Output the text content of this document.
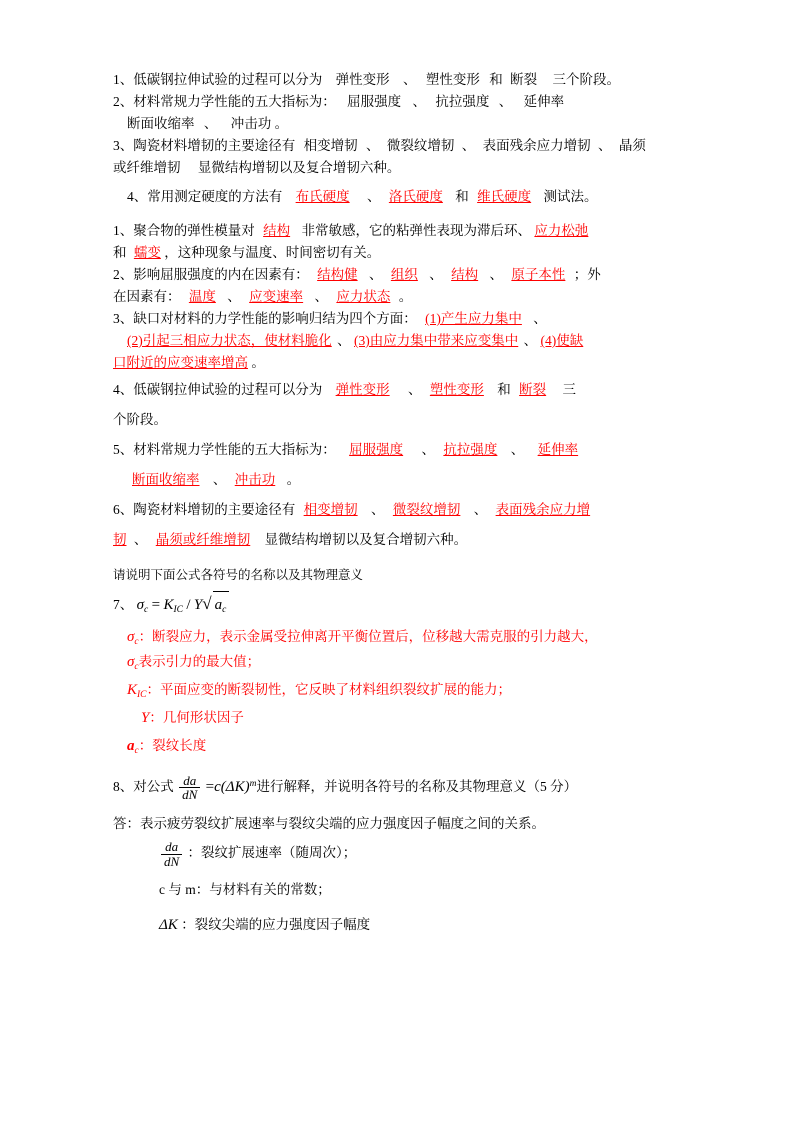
1、低碳钢拉伸试验的过程可以分为 弹性变形 、 塑性变形 和 断裂 三个阶段。
2、材料常规力学性能的五大指标为： 屈服强度 、 抗拉强度 、 延伸率
断面收缩率 、 冲击功 。
3、陶瓷材料增韧的主要途径有 相变增韧 、 微裂纹增韧 、 表面残余应力增韧 、 晶须
或纤维增韧 显微结构增韧以及复合增韧六种。
4、常用测定硬度的方法有 布氏硬度 、 洛氏硬度 和 维氏硬度 测试法。
1、聚合物的弹性模量对 结构 非常敏感，它的粘弹性表现为滞后环、 应力松弛
和 蠕变 ，这种现象与温度、时间密切有关。
2、影响屈服强度的内在因素有： 结构健 、 组织 、 结构 、 原子本性 ；外
在因素有： 温度 、 应变速率 、 应力状态 。
3、缺口对材料的力学性能的影响归结为四个方面： (1)产生应力集中 、
(2)引起三相应力状态，使材料脆化 、 (3)由应力集中带来应变集中 、 (4)使缺
口附近的应变速率增高 。
4、低碳钢拉伸试验的过程可以分为 弹性变形 、 塑性变形 和 断裂 三
个阶段。
5、材料常规力学性能的五大指标为： 屈服强度 、 抗拉强度 、 延伸率
断面收缩率 、 冲击功 。
6、陶瓷材料增韧的主要途径有 相变增韧 、 微裂纹增韧 、 表面残余应力增
韧 、 晶须或纤维增韧 显微结构增韧以及复合增韧六种。
请说明下面公式各符号的名称以及其物理意义
7、 $\sigma_c = K_{IC} / Y√$ $a_c$
$\sigma_c$：断裂应力，表示金属受拉伸离开平衡位置后，位移越大需克服的引力越大，
$\sigma_c$表示引力的最大值；
$K_{IC}$：平面应变的断裂韧性，它反映了材料组织裂纹扩展的能力；
Y：几何形状因子
$a_c$：裂纹长度
8、对公式 $\frac{da}{dN} =c(\Delta K)^m$进行解释，并说明各符号的名称及其物理意义（5 分）
答：表示疲劳裂纹扩展速率与裂纹尖端的应力强度因子幅度之间的关系。
$\frac{da}{dN}$ ：裂纹扩展速率（随周次）；
c 与 m：与材料有关的常数；
ΔK ：裂纹尖端的应力强度因子幅度
